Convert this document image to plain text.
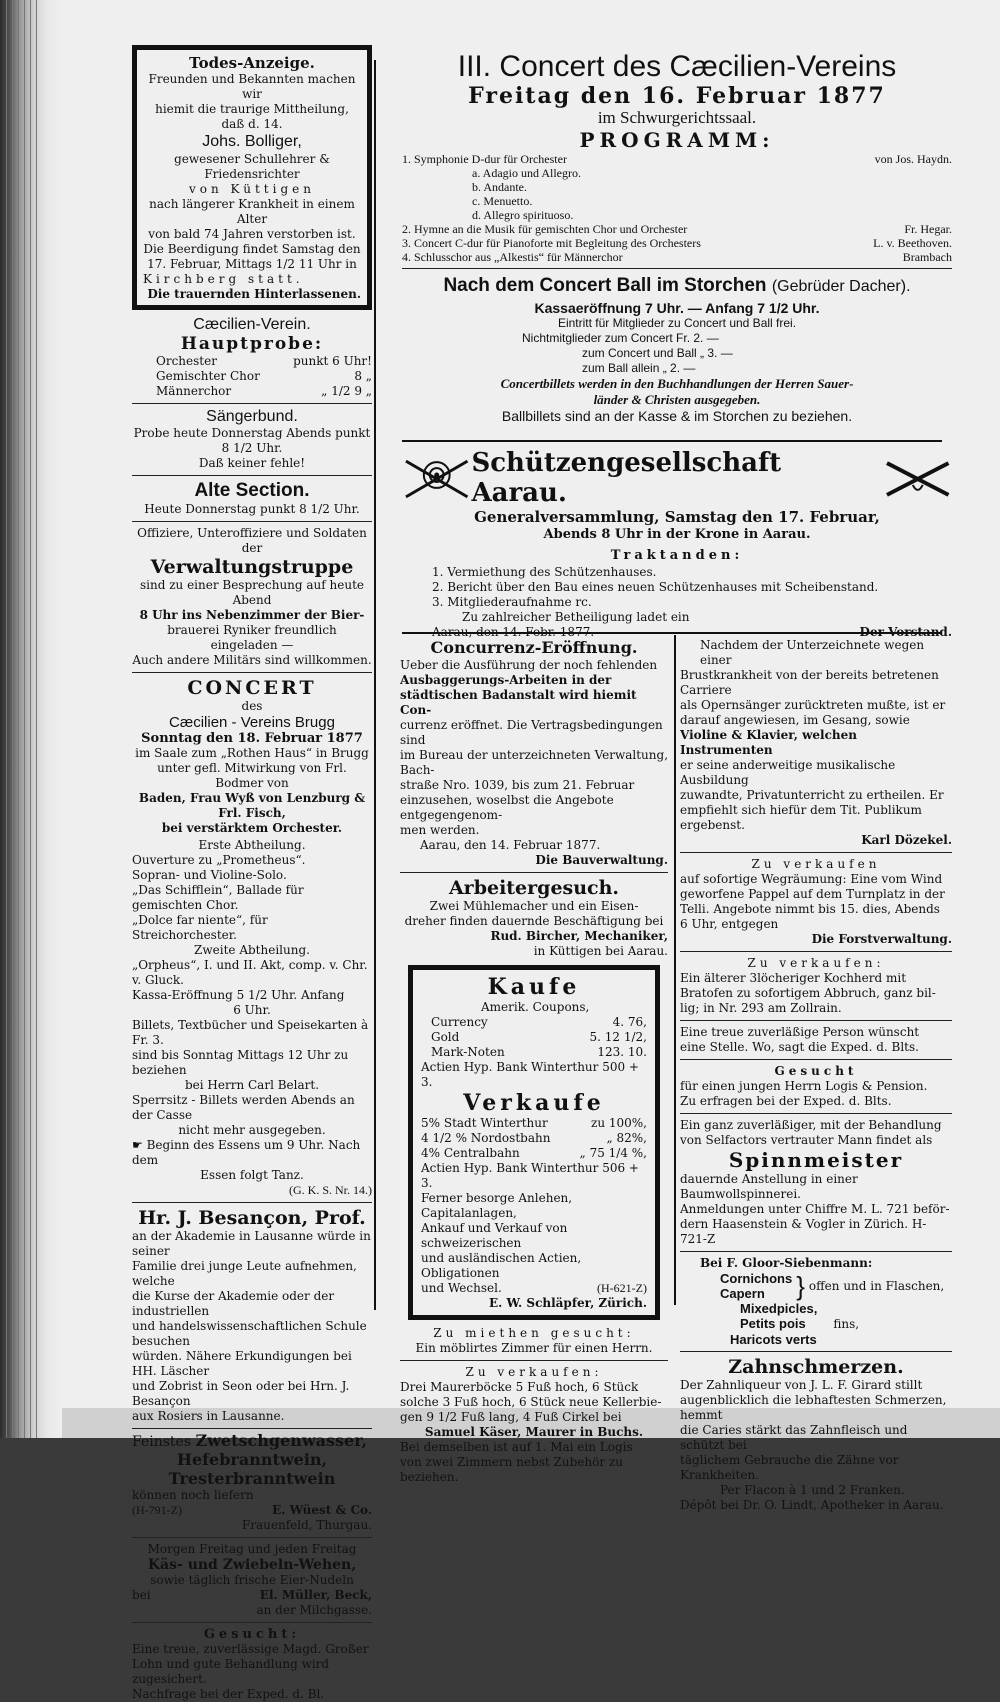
Todes-Anzeige.

Freunden und Bekannten machen wir

hiemit die traurige Mittheilung, daß d. 14.

Johs. Bolliger,

gewesener Schullehrer & Friedensrichter

von Küttigen

nach längerer Krankheit in einem Alter

von bald 74 Jahren verstorben ist.

Die Beerdigung findet Samstag den

17. Februar, Mittags 1/2 11 Uhr in

Kirchberg statt.

Die trauernden Hinterlassenen.

Cæcilien-Verein.

Hauptprobe:

Orchester	punkt 6 Uhr!
Gemischter Chor	8 „
Männerchor	„ 1/2 9 „

Sängerbund.

Probe heute Donnerstag Abends punkt 8 1/2 Uhr.

Daß keiner fehle!

Alte Section.

Heute Donnerstag punkt 8 1/2 Uhr.

Offiziere, Unteroffiziere und Soldaten der

Verwaltungstruppe

sind zu einer Besprechung auf heute Abend

8 Uhr ins Nebenzimmer der Bier-

brauerei Ryniker freundlich eingeladen —

Auch andere Militärs sind willkommen.

CONCERT

des

Cæcilien - Vereins Brugg

Sonntag den 18. Februar 1877

im Saale zum „Rothen Haus“ in Brugg

unter gefl. Mitwirkung von Frl. Bodmer von

Baden, Frau Wyß von Lenzburg & Frl. Fisch,

bei verstärktem Orchester.

Erste Abtheilung.

Ouverture zu „Prometheus“.

Sopran- und Violine-Solo.

„Das Schifflein“, Ballade für gemischten Chor.

„Dolce far niente“, für Streichorchester.

Zweite Abtheilung.

„Orpheus“, I. und II. Akt, comp. v. Chr. v. Gluck.

Kassa-Eröffnung 5 1/2 Uhr. Anfang

6 Uhr.

Billets, Textbücher und Speisekarten à Fr. 3.

sind bis Sonntag Mittags 12 Uhr zu beziehen

bei Herrn Carl Belart.

Sperrsitz - Billets werden Abends an der Casse

nicht mehr ausgegeben.

☛ Beginn des Essens um 9 Uhr. Nach dem

Essen folgt Tanz.

(G. K. S. Nr. 14.)

Hr. J. Besançon, Prof.

an der Akademie in Lausanne würde in seiner

Familie drei junge Leute aufnehmen, welche

die Kurse der Akademie oder der industriellen

und handelswissenschaftlichen Schule besuchen

würden. Nähere Erkundigungen bei HH. Läscher

und Zobrist in Seon oder bei Hrn. J. Besançon

aux Rosiers in Lausanne.

Feinstes Zwetschgenwasser,

Hefebranntwein,

Tresterbranntwein

können noch liefern

(H-791-Z)	E. Wüest & Co.

Frauenfeld, Thurgau.

Morgen Freitag und jeden Freitag

Käs- und Zwiebeln-Wehen,

sowie täglich frische Eier-Nudeln

bei	El. Müller, Beck,

an der Milchgasse.

Gesucht:

Eine treue, zuverlässige Magd. Großer

Lohn und gute Behandlung wird zugesichert.

Nachfrage bei der Exped. d. Bl.

III. Concert des Cæcilien-Vereins

Freitag den 16. Februar 1877

im Schwurgerichtssaal.

PROGRAMM:

1. Symphonie D-dur für Orchester	von Jos. Haydn.
a. Adagio und Allegro.	
b. Andante.	
c. Menuetto.	
d. Allegro spirituoso.	
2. Hymne an die Musik für gemischten Chor und Orchester	Fr. Hegar.
3. Concert C-dur für Pianoforte mit Begleitung des Orchesters	L. v. Beethoven.
4. Schlusschor aus „Alkestis“ für Männerchor	Brambach

Nach dem Concert Ball im Storchen (Gebrüder Dacher).

Kassaeröffnung 7 Uhr. — Anfang 7 1/2 Uhr.

Eintritt für Mitglieder zu Concert und Ball frei.

Nichtmitglieder zum Concert Fr. 2. —

zum Concert und Ball „ 3. —

zum Ball allein „ 2. —

Concertbillets werden in den Buchhandlungen der Herren Sauer-

länder & Christen ausgegeben.

Ballbillets sind an der Kasse & im Storchen zu beziehen.

Schützengesellschaft Aarau.

Generalversammlung, Samstag den 17. Februar,

Abends 8 Uhr in der Krone in Aarau.

Traktanden:

1. Vermiethung des Schützenhauses.

2. Bericht über den Bau eines neuen Schützenhauses mit Scheibenstand.

3. Mitgliederaufnahme rc.

Zu zahlreicher Betheiligung ladet ein

Aarau, den 14. Febr. 1877.	Der Vorstand.

Concurrenz-Eröffnung.

Ueber die Ausführung der noch fehlenden

Ausbaggerungs-Arbeiten in der

städtischen Badanstalt wird hiemit Con-

currenz eröffnet. Die Vertragsbedingungen sind

im Bureau der unterzeichneten Verwaltung, Bach-

straße Nro. 1039, bis zum 21. Februar

einzusehen, woselbst die Angebote entgegengenom-

men werden.

Aarau, den 14. Februar 1877.

Die Bauverwaltung.

Arbeitergesuch.

Zwei Mühlemacher und ein Eisen-

dreher finden dauernde Beschäftigung bei

Rud. Bircher, Mechaniker,

in Küttigen bei Aarau.

Kaufe

Amerik. Coupons,

Currency	4. 76,
Gold	5. 12 1/2,
Mark-Noten	123. 10.

Actien Hyp. Bank Winterthur 500 + 3.

Verkaufe

5% Stadt Winterthur	zu 100%,
4 1/2 % Nordostbahn	„ 82%,
4% Centralbahn	„ 75 1/4 %,

Actien Hyp. Bank Winterthur 506 + 3.

Ferner besorge Anlehen, Capitalanlagen,

Ankauf und Verkauf von schweizerischen

und ausländischen Actien, Obligationen

und Wechsel.	(H-621-Z)

E. W. Schläpfer, Zürich.

Zu miethen gesucht:

Ein möblirtes Zimmer für einen Herrn.

Zu verkaufen:

Drei Maurerböcke 5 Fuß hoch, 6 Stück

solche 3 Fuß hoch, 6 Stück neue Kellerbie-

gen 9 1/2 Fuß lang, 4 Fuß Cirkel bei

Samuel Käser, Maurer in Buchs.

Bei demselben ist auf 1. Mai ein Logis

von zwei Zimmern nebst Zubehör zu beziehen.

Nachdem der Unterzeichnete wegen einer

Brustkrankheit von der bereits betretenen Carriere

als Opernsänger zurücktreten mußte, ist er

darauf angewiesen, im Gesang, sowie

Violine & Klavier, welchen Instrumenten

er seine anderweitige musikalische Ausbildung

zuwandte, Privatunterricht zu ertheilen. Er

empfiehlt sich hiefür dem Tit. Publikum ergebenst.

Karl Dözekel.

Zu verkaufen

auf sofortige Wegräumung: Eine vom Wind

geworfene Pappel auf dem Turnplatz in der

Telli. Angebote nimmt bis 15. dies, Abends

6 Uhr, entgegen

Die Forstverwaltung.

Zu verkaufen:

Ein älterer 3löcheriger Kochherd mit

Bratofen zu sofortigem Abbruch, ganz bil-

lig; in Nr. 293 am Zollrain.

Eine treue zuverläßige Person wünscht

eine Stelle. Wo, sagt die Exped. d. Blts.

Gesucht

für einen jungen Herrn Logis & Pension.

Zu erfragen bei der Exped. d. Blts.

Ein ganz zuverläßiger, mit der Behandlung

von Selfactors vertrauter Mann findet als

Spinnmeister

dauernde Anstellung in einer Baumwollspinnerei.

Anmeldungen unter Chiffre M. L. 721 beför-

dern Haasenstein & Vogler in Zürich. H-721-Z

Bei F. Gloor-Siebenmann:

Cornichons

Capern	} offen und in Flaschen,

Mixedpicles,

Petits pois fins,

Haricots verts

Zahnschmerzen.

Der Zahnliqueur von J. L. F. Girard stillt

augenblicklich die lebhaftesten Schmerzen, hemmt

die Caries stärkt das Zahnfleisch und schützt bei

täglichem Gebrauche die Zähne vor Krankheiten.

Per Flacon à 1 und 2 Franken.

Dépôt bei Dr. O. Lindt, Apotheker in Aarau.
